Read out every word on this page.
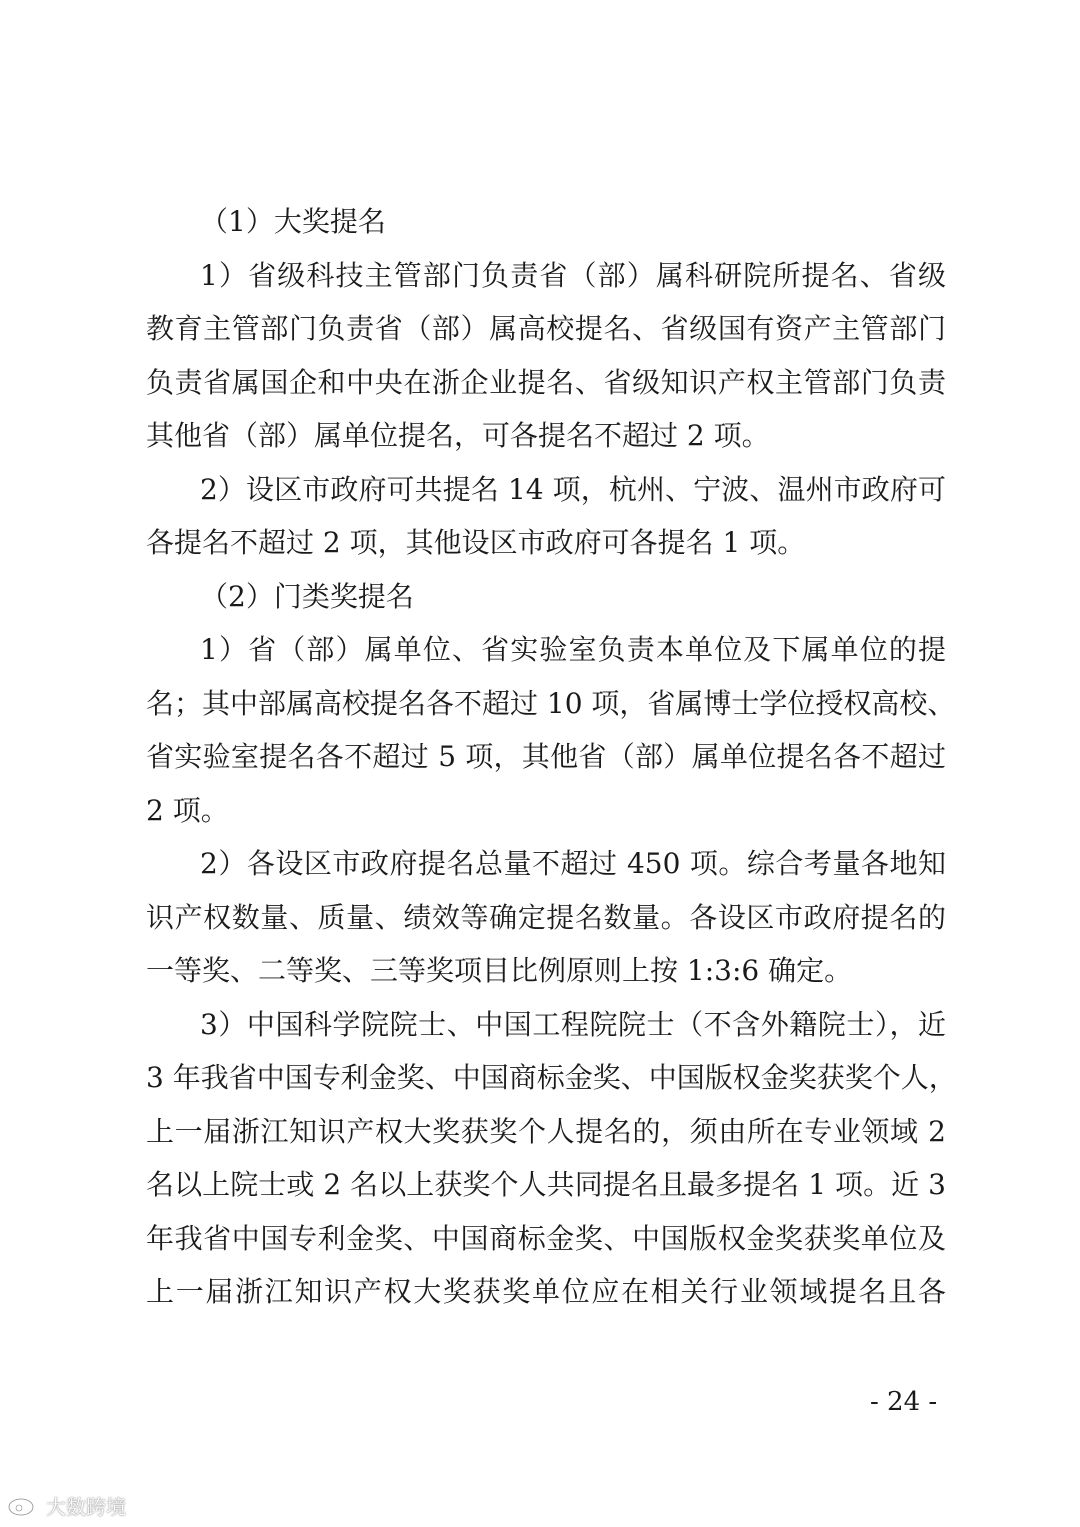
（1）大奖提名
1）省级科技主管部门负责省（部）属科研院所提名、省级
教育主管部门负责省（部）属高校提名、省级国有资产主管部门
负责省属国企和中央在浙企业提名、省级知识产权主管部门负责
其他省（部）属单位提名，可各提名不超过 2 项。
2）设区市政府可共提名 14 项，杭州、宁波、温州市政府可
各提名不超过 2 项，其他设区市政府可各提名 1 项。
（2）门类奖提名
1）省（部）属单位、省实验室负责本单位及下属单位的提
名；其中部属高校提名各不超过 10 项，省属博士学位授权高校、
省实验室提名各不超过 5 项，其他省（部）属单位提名各不超过
2 项。
2）各设区市政府提名总量不超过 450 项。综合考量各地知
识产权数量、质量、绩效等确定提名数量。各设区市政府提名的
一等奖、二等奖、三等奖项目比例原则上按 1:3:6 确定。
3）中国科学院院士、中国工程院院士（不含外籍院士），近
3 年我省中国专利金奖、中国商标金奖、中国版权金奖获奖个人，
上一届浙江知识产权大奖获奖个人提名的，须由所在专业领域 2
名以上院士或 2 名以上获奖个人共同提名且最多提名 1 项。近 3
年我省中国专利金奖、中国商标金奖、中国版权金奖获奖单位及
上一届浙江知识产权大奖获奖单位应在相关行业领域提名且各
- 24 -
大数跨境
